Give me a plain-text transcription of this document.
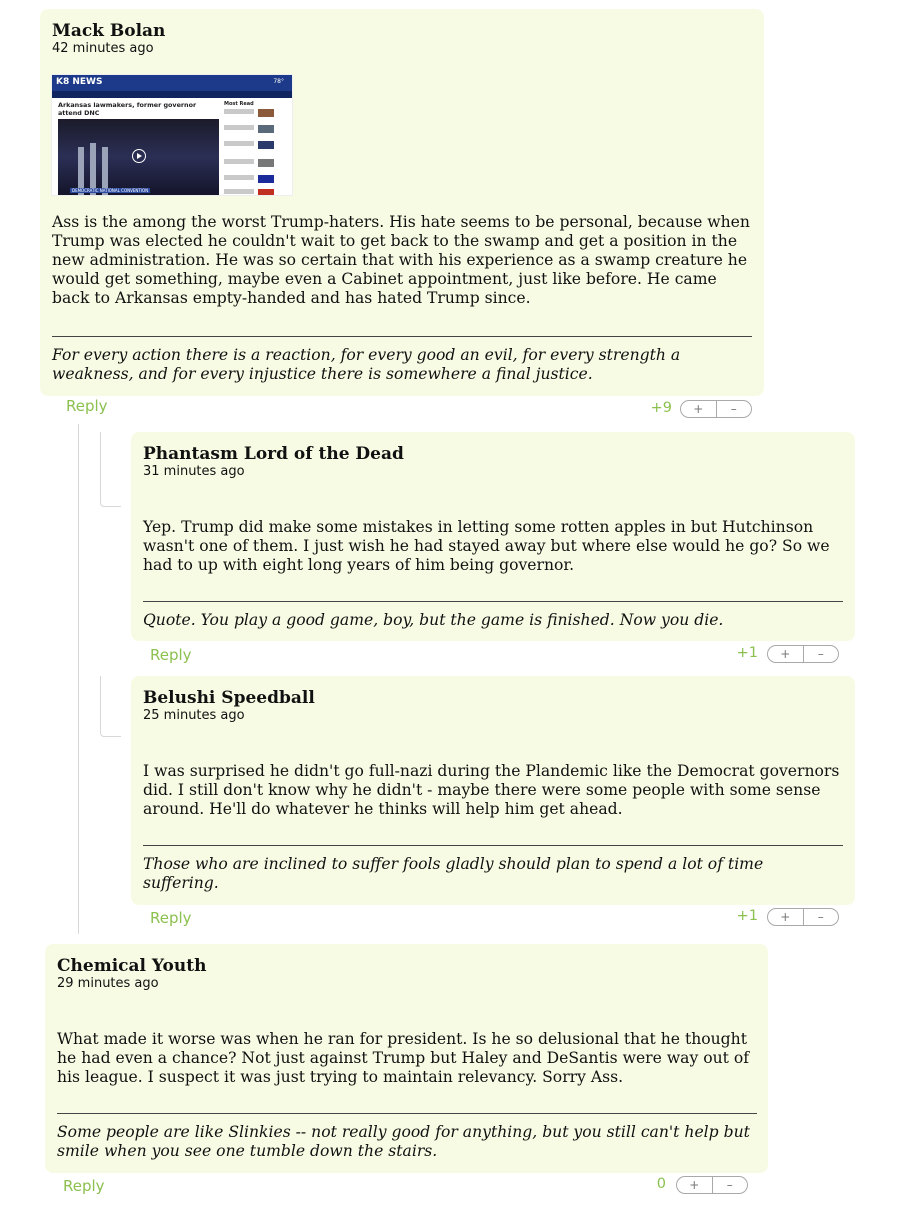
Mack Bolan
42 minutes ago

Ass is the among the worst Trump-haters. His hate seems to be personal, because when Trump was elected he couldn't wait to get back to the swamp and get a position in the new administration. He was so certain that with his experience as a swamp creature he would get something, maybe even a Cabinet appointment, just like before. He came back to Arkansas empty-handed and has hated Trump since.

For every action there is a reaction, for every good an evil, for every strength a weakness, and for every injustice there is somewhere a final justice.

K8 NEWS	78°
Arkansas lawmakers, former governor attend DNC
Most Read
DEMOCRATIC NATIONAL CONVENTION
Reply	+9	+	–
Phantasm Lord of the Dead
31 minutes ago

Yep. Trump did make some mistakes in letting some rotten apples in but Hutchinson wasn't one of them. I just wish he had stayed away but where else would he go? So we had to up with eight long years of him being governor.

Quote. You play a good game, boy, but the game is finished. Now you die.

Reply	+1	+	–
Belushi Speedball
25 minutes ago

I was surprised he didn't go full-nazi during the Plandemic like the Democrat governors did. I still don't know why he didn't - maybe there were some people with some sense around. He'll do whatever he thinks will help him get ahead.

Those who are inclined to suffer fools gladly should plan to spend a lot of time suffering.

Reply	+1	+	–
Chemical Youth
29 minutes ago

What made it worse was when he ran for president. Is he so delusional that he thought he had even a chance? Not just against Trump but Haley and DeSantis were way out of his league. I suspect it was just trying to maintain relevancy. Sorry Ass.

Some people are like Slinkies -- not really good for anything, but you still can't help but smile when you see one tumble down the stairs.

Reply	0	+	–
